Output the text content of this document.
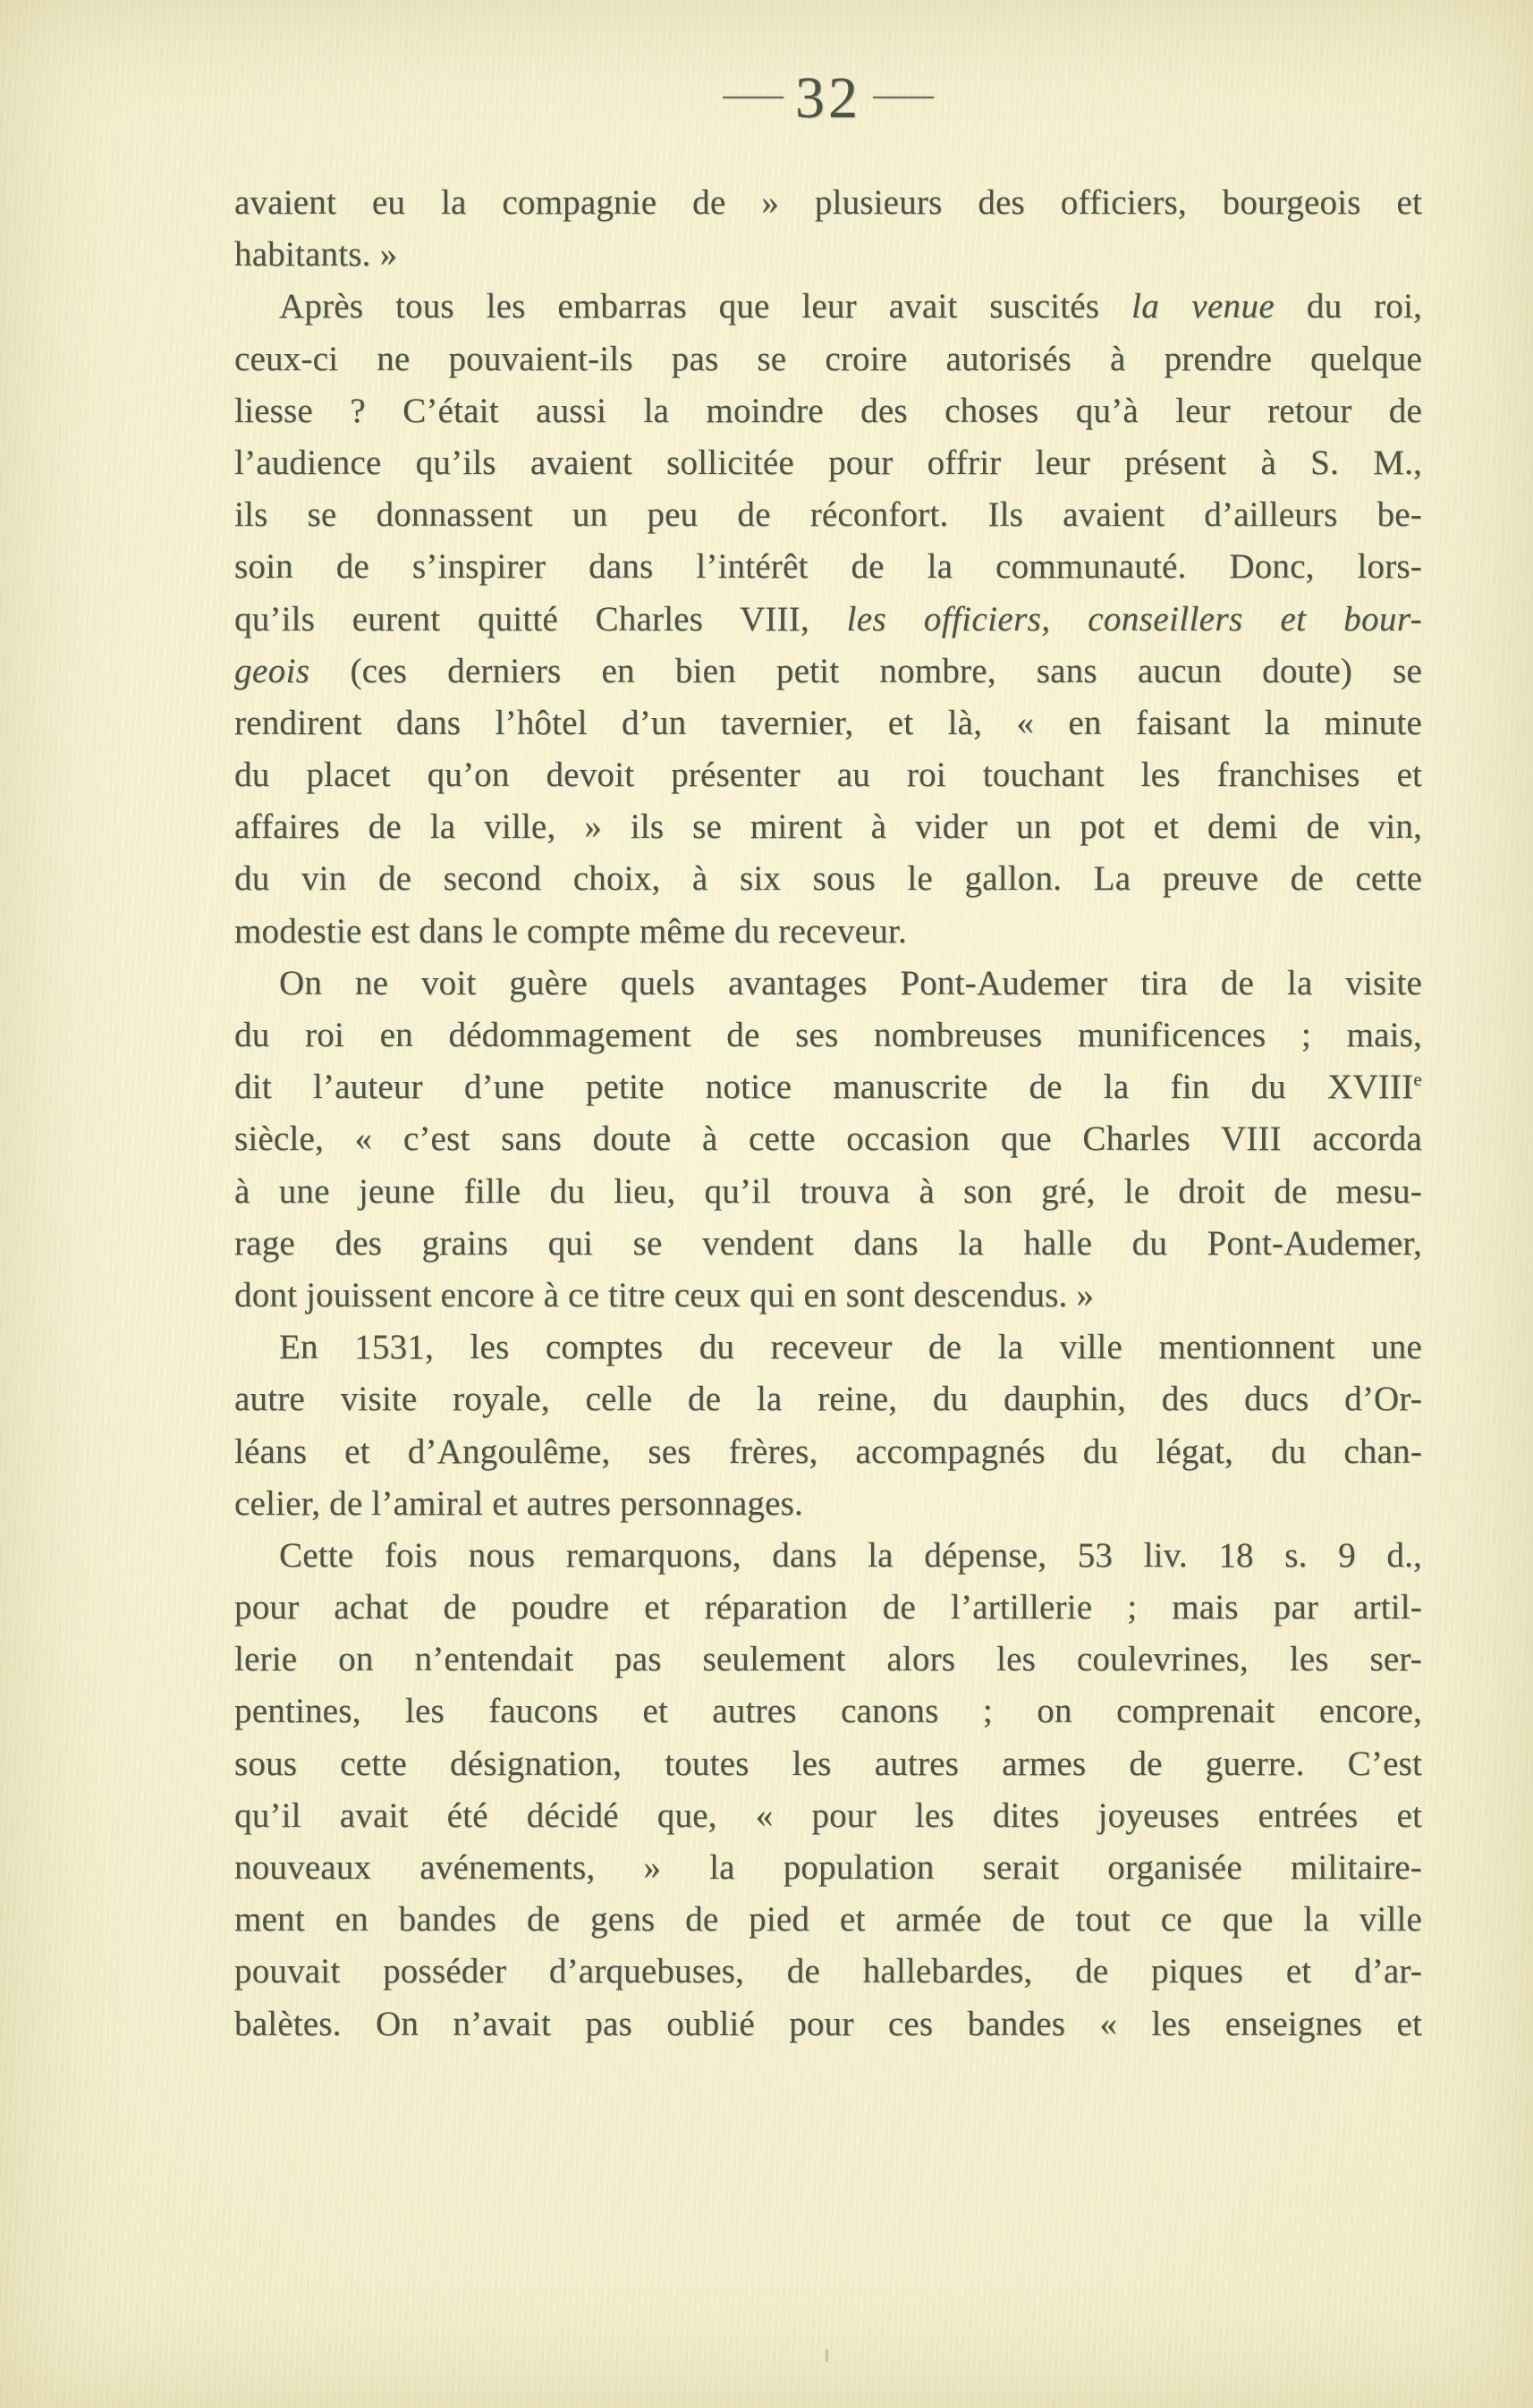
— 32 —
avaient eu la compagnie de » plusieurs des officiers, bourgeois et
habitants. »
Après tous les embarras que leur avait suscités la venue du roi,
ceux-ci ne pouvaient-ils pas se croire autorisés à prendre quelque
liesse ? C’était aussi la moindre des choses qu’à leur retour de
l’audience qu’ils avaient sollicitée pour offrir leur présent à S. M.,
ils se donnassent un peu de réconfort. Ils avaient d’ailleurs be-
soin de s’inspirer dans l’intérêt de la communauté. Donc, lors-
qu’ils eurent quitté Charles VIII, les officiers, conseillers et bour-
geois (ces derniers en bien petit nombre, sans aucun doute) se
rendirent dans l’hôtel d’un tavernier, et là, « en faisant la minute
du placet qu’on devoit présenter au roi touchant les franchises et
affaires de la ville, » ils se mirent à vider un pot et demi de vin,
du vin de second choix, à six sous le gallon. La preuve de cette
modestie est dans le compte même du receveur.
On ne voit guère quels avantages Pont-Audemer tira de la visite
du roi en dédommagement de ses nombreuses munificences ; mais,
dit l’auteur d’une petite notice manuscrite de la fin du XVIIIe
siècle, « c’est sans doute à cette occasion que Charles VIII accorda
à une jeune fille du lieu, qu’il trouva à son gré, le droit de mesu-
rage des grains qui se vendent dans la halle du Pont-Audemer,
dont jouissent encore à ce titre ceux qui en sont descendus. »
En 1531, les comptes du receveur de la ville mentionnent une
autre visite royale, celle de la reine, du dauphin, des ducs d’Or-
léans et d’Angoulême, ses frères, accompagnés du légat, du chan-
celier, de l’amiral et autres personnages.
Cette fois nous remarquons, dans la dépense, 53 liv. 18 s. 9 d.,
pour achat de poudre et réparation de l’artillerie ; mais par artil-
lerie on n’entendait pas seulement alors les coulevrines, les ser-
pentines, les faucons et autres canons ; on comprenait encore,
sous cette désignation, toutes les autres armes de guerre. C’est
qu’il avait été décidé que, « pour les dites joyeuses entrées et
nouveaux avénements, » la population serait organisée militaire-
ment en bandes de gens de pied et armée de tout ce que la ville
pouvait posséder d’arquebuses, de hallebardes, de piques et d’ar-
balètes. On n’avait pas oublié pour ces bandes « les enseignes et
